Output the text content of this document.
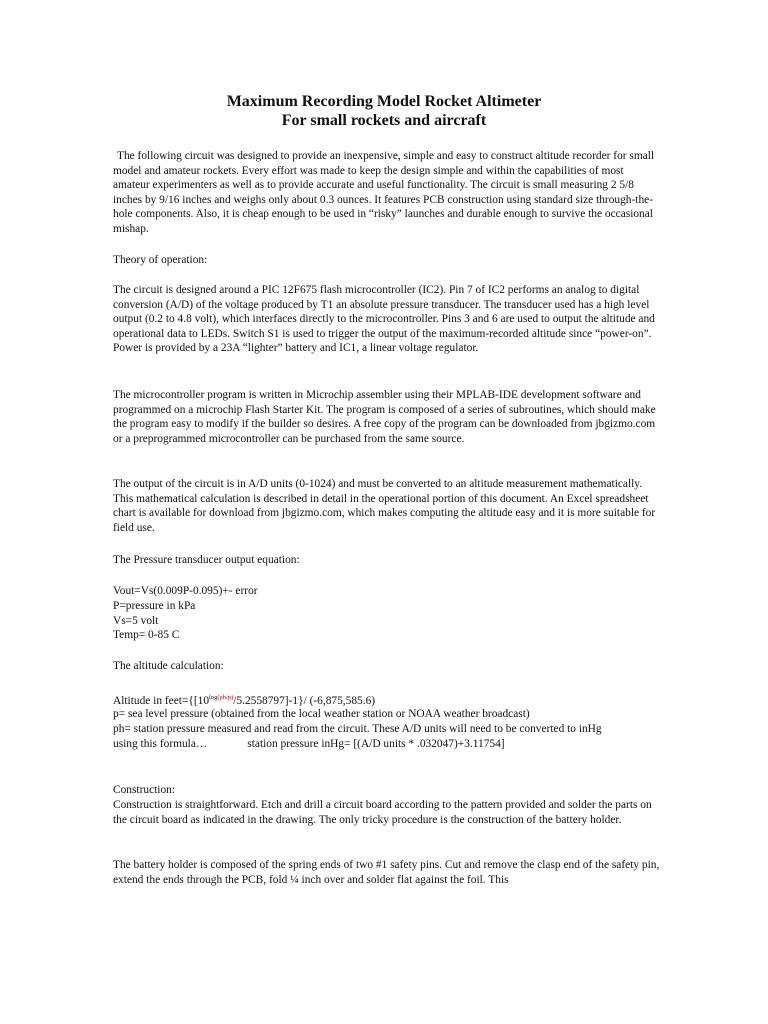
Maximum Recording Model Rocket Altimeter

For small rockets and aircraft

The following circuit was designed to provide an inexpensive, simple and easy to construct altitude recorder for small model and amateur rockets. Every effort was made to keep the design simple and within the capabilities of most amateur experimenters as well as to provide accurate and useful functionality. The circuit is small measuring 2 5/8 inches by 9/16 inches and weighs only about 0.3 ounces. It features PCB construction using standard size through-the-hole components. Also, it is cheap enough to be used in “risky” launches and durable enough to survive the occasional mishap.

Theory of operation:

The circuit is designed around a PIC 12F675 flash microcontroller (IC2). Pin 7 of IC2 performs an analog to digital conversion (A/D) of the voltage produced by T1 an absolute pressure transducer. The transducer used has a high level output (0.2 to 4.8 volt), which interfaces directly to the microcontroller. Pins 3 and 6 are used to output the altitude and operational data to LEDs. Switch S1 is used to trigger the output of the maximum-recorded altitude since “power-on”. Power is provided by a 23A “lighter” battery and IC1, a linear voltage regulator.

The microcontroller program is written in Microchip assembler using their MPLAB-IDE development software and programmed on a microchip Flash Starter Kit. The program is composed of a series of subroutines, which should make the program easy to modify if the builder so desires. A free copy of the program can be downloaded from jbgizmo.com or a preprogrammed microcontroller can be purchased from the same source.

The output of the circuit is in A/D units (0-1024) and must be converted to an altitude measurement mathematically. This mathematical calculation is described in detail in the operational portion of this document. An Excel spreadsheet chart is available for download from jbgizmo.com, which makes computing the altitude easy and it is more suitable for field use.

The Pressure transducer output equation:

Vout=Vs(0.009P-0.095)+- error

P=pressure in kPa

Vs=5 volt

Temp= 0-85 C

The altitude calculation:

Altitude in $feet=\{[10^{log(ph/p)}/5.2558797]-1\}/$ (-6,875,585.6)

p= sea level pressure (obtained from the local weather station or NOAA weather broadcast)

ph= station pressure measured and read from the circuit. These A/D units will need to be converted to inHg

using this formula…	station pressure inHg= [(A/D units * .032047)+3.11754]

Construction:

Construction is straightforward. Etch and drill a circuit board according to the pattern provided and solder the parts on the circuit board as indicated in the drawing. The only tricky procedure is the construction of the battery holder.

The battery holder is composed of the spring ends of two #1 safety pins. Cut and remove the clasp end of the safety pin, extend the ends through the PCB, fold ¼ inch over and solder flat against the foil. This
